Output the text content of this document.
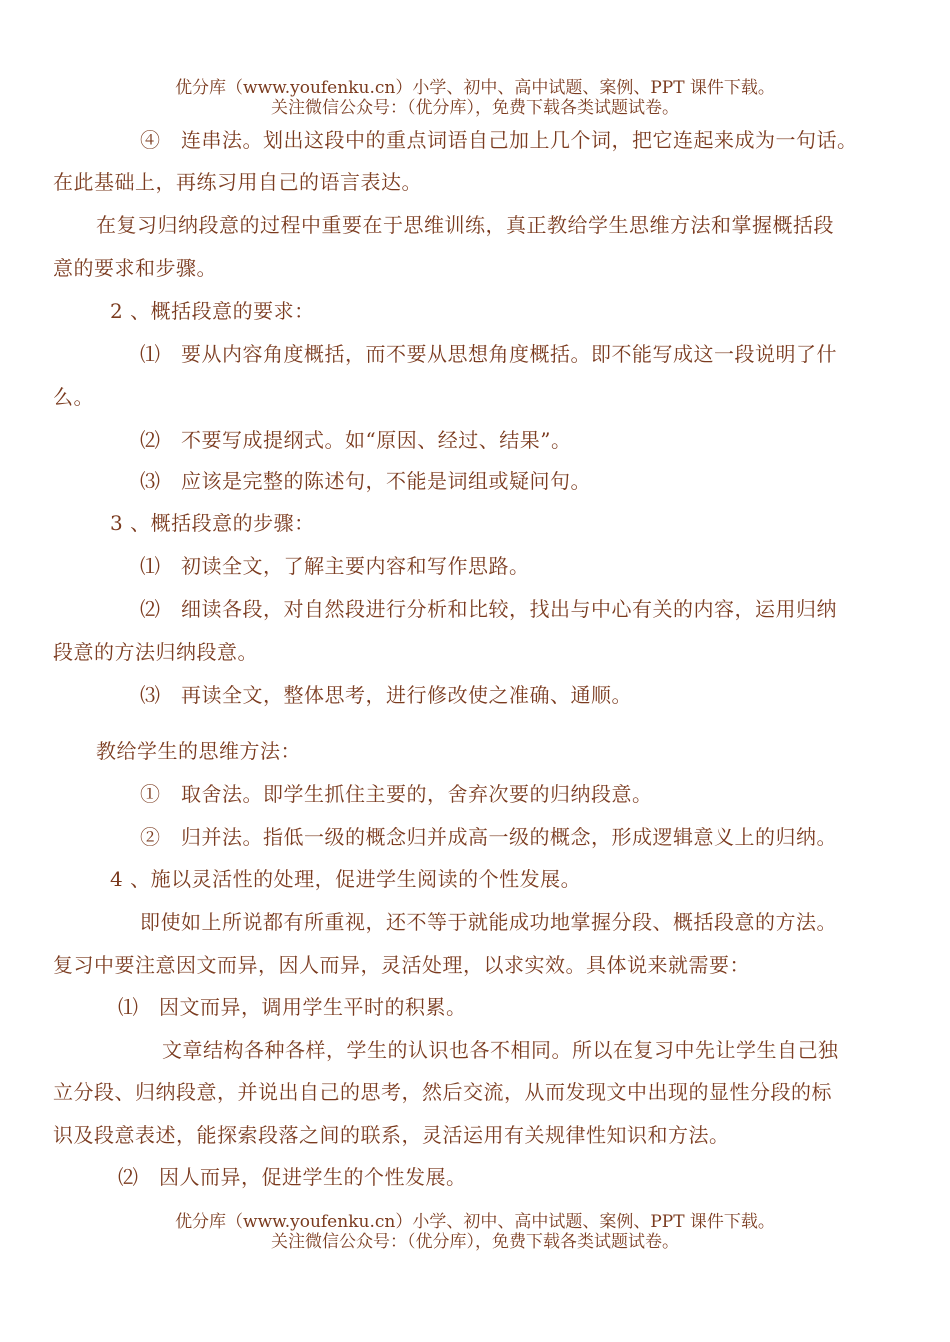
优分库（www.youfenku.cn）小学、初中、高中试题、案例、PPT 课件下载。
关注微信公众号：（优分库），免费下载各类试题试卷。
④　连串法。划出这段中的重点词语自己加上几个词，把它连起来成为一句话。
在此基础上，再练习用自己的语言表达。
在复习归纳段意的过程中重要在于思维训练，真正教给学生思维方法和掌握概括段
意的要求和步骤。
2 、概括段意的要求：
⑴　要从内容角度概括，而不要从思想角度概括。即不能写成这一段说明了什
么。
⑵　不要写成提纲式。如“原因、经过、结果”。
⑶　应该是完整的陈述句，不能是词组或疑问句。
3 、概括段意的步骤：
⑴　初读全文，了解主要内容和写作思路。
⑵　细读各段，对自然段进行分析和比较，找出与中心有关的内容，运用归纳
段意的方法归纳段意。
⑶　再读全文，整体思考，进行修改使之准确、通顺。
教给学生的思维方法：
①　取舍法。即学生抓住主要的，舍弃次要的归纳段意。
②　归并法。指低一级的概念归并成高一级的概念，形成逻辑意义上的归纳。
4 、施以灵活性的处理，促进学生阅读的个性发展。
即使如上所说都有所重视，还不等于就能成功地掌握分段、概括段意的方法。
复习中要注意因文而异，因人而异，灵活处理，以求实效。具体说来就需要：
⑴　因文而异，调用学生平时的积累。
文章结构各种各样，学生的认识也各不相同。所以在复习中先让学生自己独
立分段、归纳段意，并说出自己的思考，然后交流，从而发现文中出现的显性分段的标
识及段意表述，能探索段落之间的联系，灵活运用有关规律性知识和方法。
⑵　因人而异，促进学生的个性发展。
优分库（www.youfenku.cn）小学、初中、高中试题、案例、PPT 课件下载。
关注微信公众号：（优分库），免费下载各类试题试卷。
